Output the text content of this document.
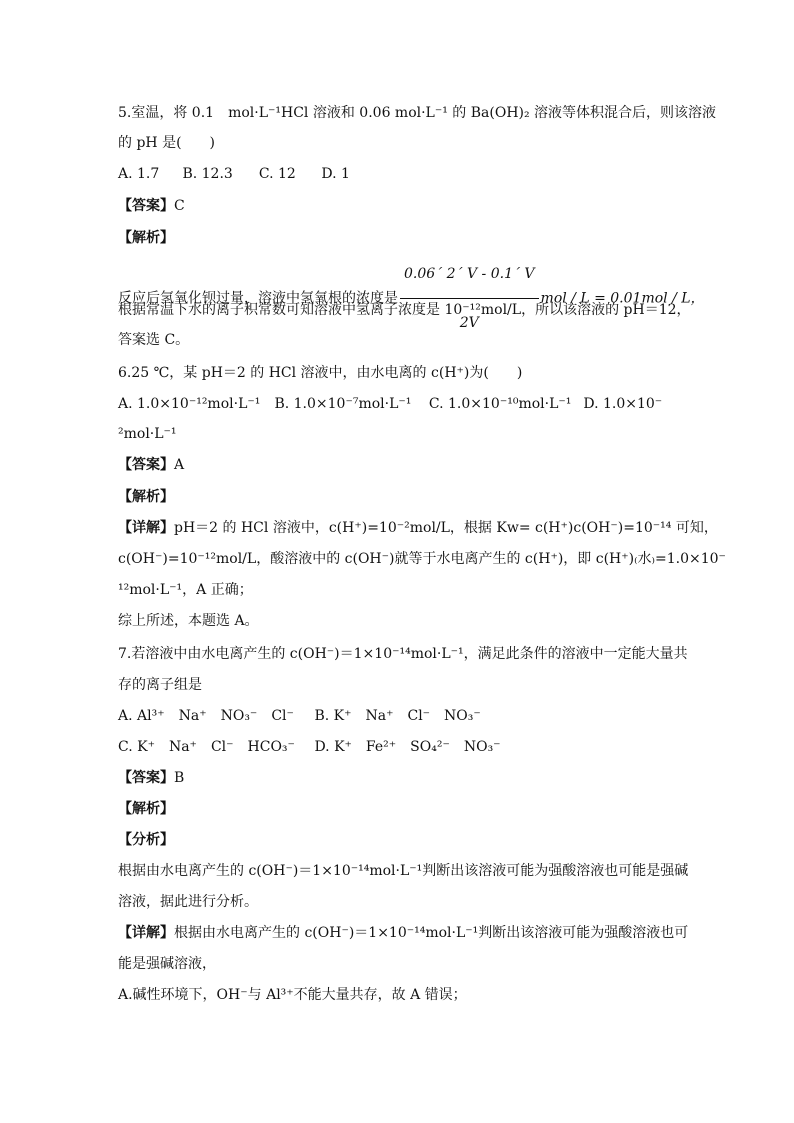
5.室温，将 0.1　mol·L⁻¹HCl 溶液和 0.06 mol·L⁻¹ 的 Ba(OH)₂ 溶液等体积混合后，则该溶液
的 pH 是(　　)
A. 1.7 B. 12.3 C. 12 D. 1
【答案】C
【解析】
反应后氢氧化钡过量，溶液中氢氧根的浓度是 $\frac{0.06´ 2´ V - 0.1´ V}{2V}$ mol / L = 0.01mol / L，
根据常温下水的离子积常数可知溶液中氢离子浓度是 10⁻¹²mol/L，所以该溶液的 pH＝12，
答案选 C。
6.25 ℃，某 pH＝2 的 HCl 溶液中，由水电离的 c(H⁺)为(　　)
A. 1.0×10⁻¹²mol·L⁻¹ B. 1.0×10⁻⁷mol·L⁻¹ C. 1.0×10⁻¹⁰mol·L⁻¹ D. 1.0×10⁻
²mol·L⁻¹
【答案】A
【解析】
【详解】pH＝2 的 HCl 溶液中，c(H⁺)=10⁻²mol/L，根据 Kw= c(H⁺)c(OH⁻)=10⁻¹⁴ 可知，
c(OH⁻)=10⁻¹²mol/L，酸溶液中的 c(OH⁻)就等于水电离产生的 c(H⁺)，即 c(H⁺)₍水₎=1.0×10⁻
¹²mol·L⁻¹，A 正确；
综上所述，本题选 A。
7.若溶液中由水电离产生的 c(OH⁻)＝1×10⁻¹⁴mol·L⁻¹，满足此条件的溶液中一定能大量共
存的离子组是
A. Al³⁺　Na⁺　NO₃⁻　Cl⁻ B. K⁺　Na⁺　Cl⁻　NO₃⁻
C. K⁺　Na⁺　Cl⁻　HCO₃⁻ D. K⁺　Fe²⁺　SO₄²⁻　NO₃⁻
【答案】B
【解析】
【分析】
根据由水电离产生的 c(OH⁻)＝1×10⁻¹⁴mol·L⁻¹判断出该溶液可能为强酸溶液也可能是强碱
溶液，据此进行分析。
【详解】根据由水电离产生的 c(OH⁻)＝1×10⁻¹⁴mol·L⁻¹判断出该溶液可能为强酸溶液也可
能是强碱溶液，
A.碱性环境下，OH⁻与 Al³⁺不能大量共存，故 A 错误；
